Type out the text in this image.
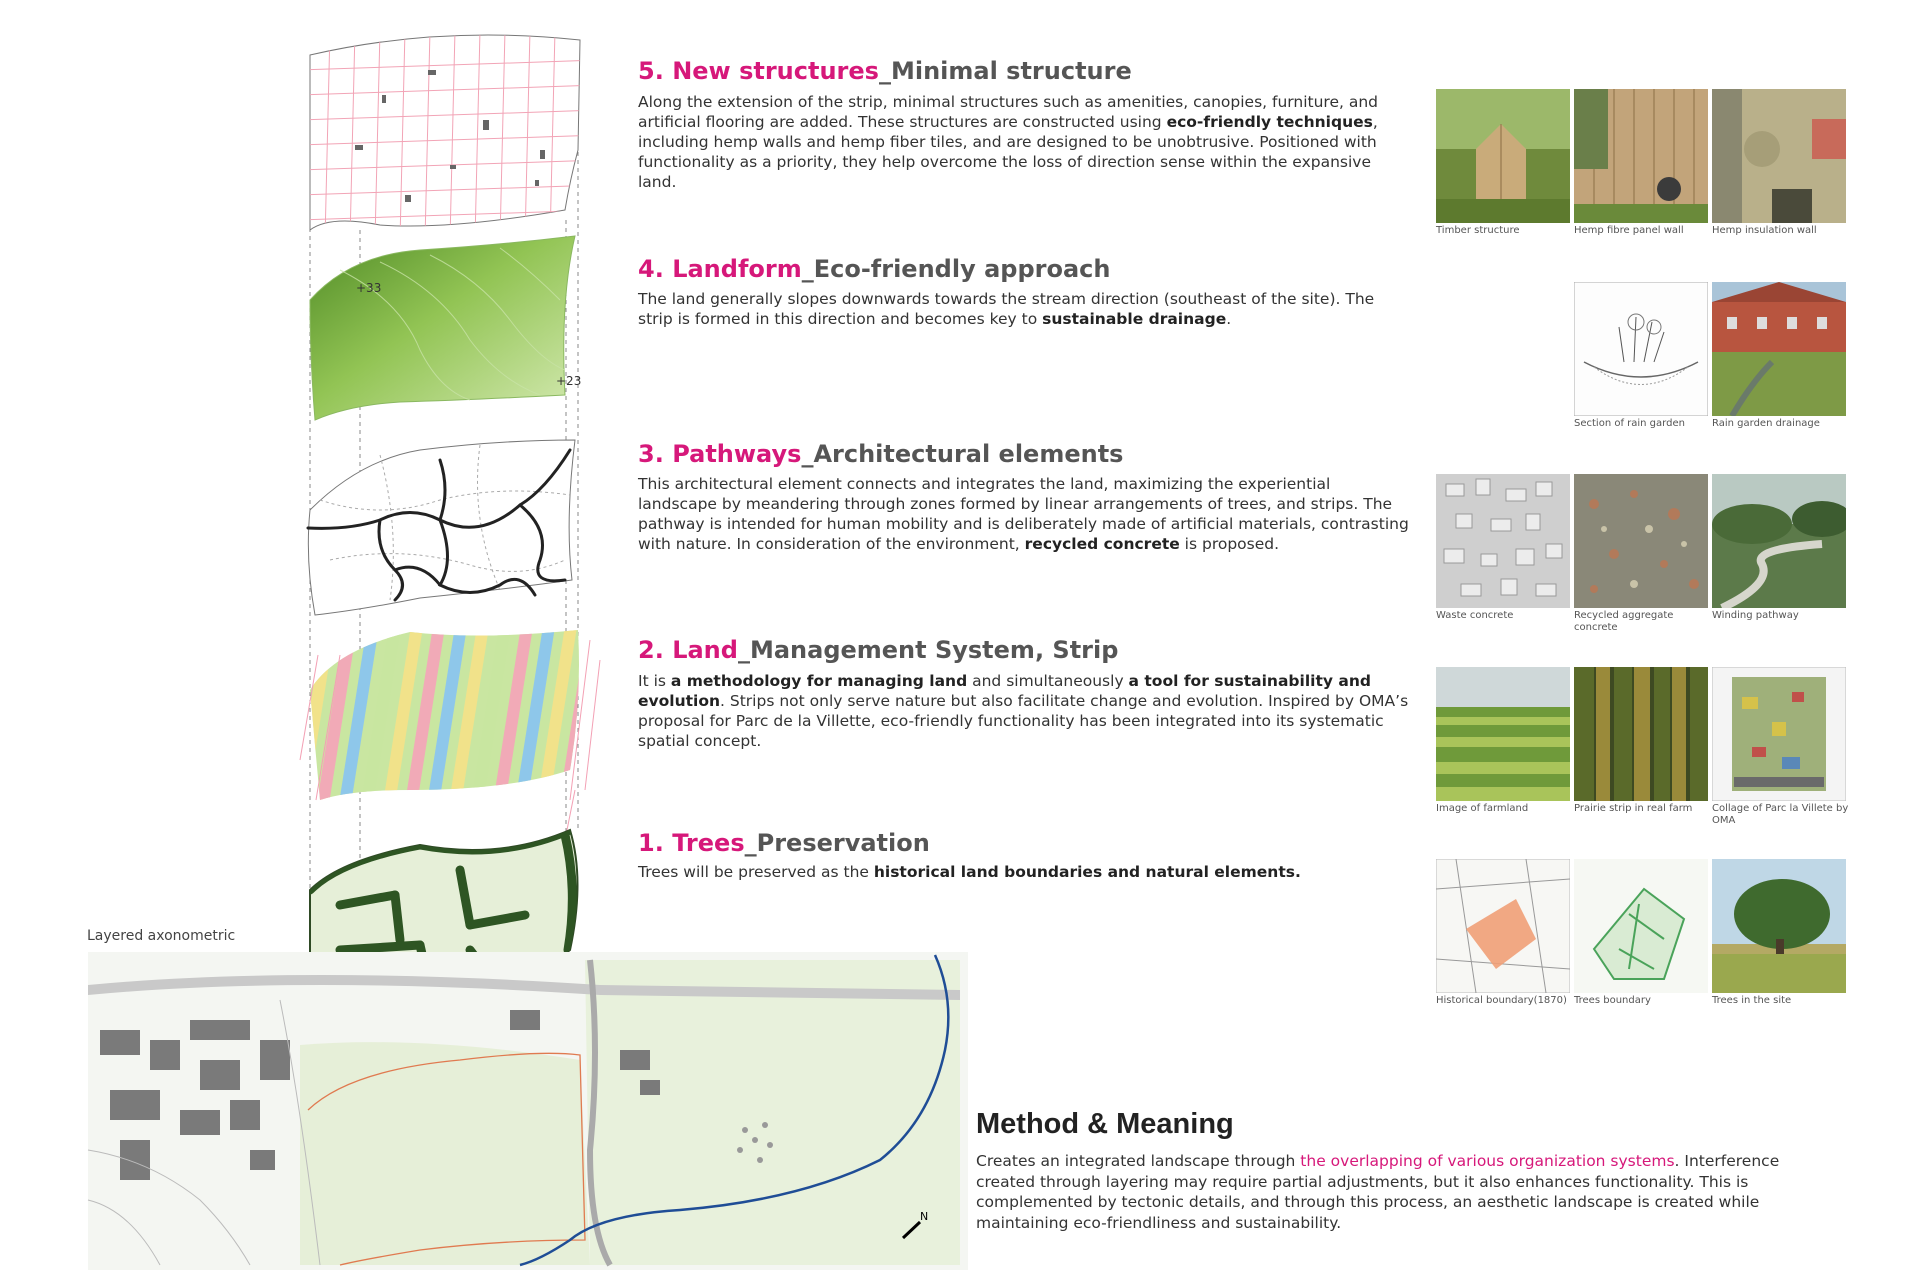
+33
+23
N
Layered axonometric
5. New structures_Minimal structure
Along the extension of the strip, minimal structures such as amenities, canopies, furniture, and artificial flooring are added. These structures are constructed using eco-friendly techniques, including hemp walls and hemp fiber tiles, and are designed to be unobtrusive. Positioned with functionality as a priority, they help overcome the loss of direction sense within the expansive land.
4. Landform_Eco-friendly approach
The land generally slopes downwards towards the stream direction (southeast of the site). The strip is formed in this direction and becomes key to sustainable drainage.
3. Pathways_Architectural elements
This architectural element connects and integrates the land, maximizing the experiential landscape by meandering through zones formed by linear arrangements of trees, and strips. The pathway is intended for human mobility and is deliberately made of artificial materials, contrasting with nature. In consideration of the environment, recycled concrete is proposed.
2. Land_Management System, Strip
It is a methodology for managing land and simultaneously a tool for sustainability and evolution. Strips not only serve nature but also facilitate change and evolution. Inspired by OMA’s proposal for Parc de la Villette, eco-friendly functionality has been integrated into its systematic spatial concept.
1. Trees_Preservation
Trees will be preserved as the historical land boundaries and natural elements.
Timber structure	Hemp fibre panel wall	Hemp insulation wall
Section of rain garden	Rain garden drainage
Waste concrete	Recycled aggregate concrete
Winding pathway
Image of farmland	Prairie strip in real farm	Collage of Parc la Villete by OMA
Historical boundary(1870) Trees boundary	Trees in the site
Method & Meaning
Creates an integrated landscape through the overlapping of various organization systems. Interference created through layering may require partial adjustments, but it also enhances functionality. This is complemented by tectonic details, and through this process, an aesthetic landscape is created while maintaining eco-friendliness and sustainability.
